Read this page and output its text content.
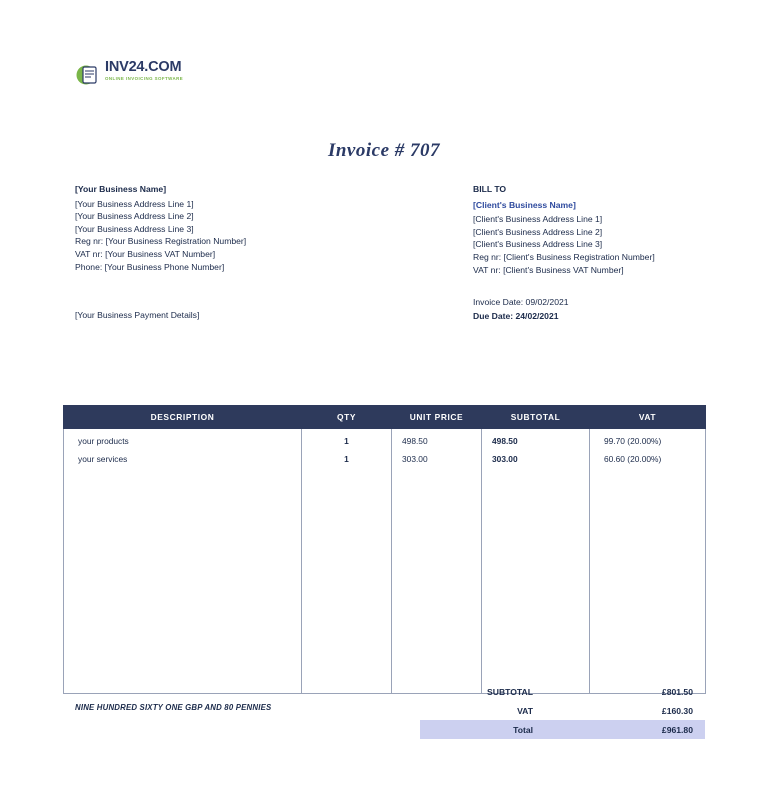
INV24.COM
ONLINE INVOICING SOFTWARE
Invoice # 707
[Your Business Name]
[Your Business Address Line 1]
[Your Business Address Line 2]
[Your Business Address Line 3]
Reg nr: [Your Business Registration Number]
VAT nr: [Your Business VAT Number]
Phone: [Your Business Phone Number]
[Your Business Payment Details]
BILL TO
[Client's Business Name]
[Client's Business Address Line 1]
[Client's Business Address Line 2]
[Client's Business Address Line 3]
Reg nr: [Client's Business Registration Number]
VAT nr: [Client's Business VAT Number]
Invoice Date: 09/02/2021
Due Date: 24/02/2021
DESCRIPTION	QTY	UNIT PRICE	SUBTOTAL	VAT
your products	1	498.50	498.50	99.70 (20.00%)
your services	1	303.00	303.00	60.60 (20.00%)

NINE HUNDRED SIXTY ONE GBP AND 80 PENNIES
SUBTOTAL	£801.50
VAT	£160.30
Total	£961.80
